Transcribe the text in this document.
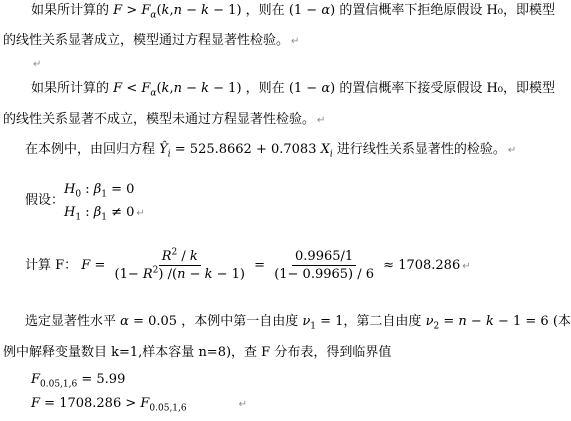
如果所计算的 $F > F_\alpha(k,n - k - 1)$ ，则在 (1 − α) 的置信概率下拒绝原假设 H₀，即模型
的线性关系显著成立，模型通过方程显著性检验。 ↵
↵
如果所计算的 $F < F_\alpha(k,n - k - 1)$ ，则在 (1 − α) 的置信概率下接受原假设 H₀，即模型
的线性关系显著不成立，模型未通过方程显著性检验。 ↵
在本例中，由回归方程 $Ŷ_i = 525.8662 + 0.7083$ $X_i$ 进行线性关系显著性的检验。 ↵
假设：
$H_0$ : $\beta_1 = 0$
$H_1$ : $\beta_1 \ne 0$ ↵
计算 F： $F = \frac{R^2 / k}{(1- R^2) /(n - k - 1)} = \frac{0.9965/1}{(1- 0.9965) / 6} \approx 1708.286$ ↵
选定显著性水平 α = 0.05 ，本例中第一自由度 $\nu_1 = 1$，第二自由度 $\nu_2 = n - k - 1 = 6$ (本
例中解释变量数目 k=1,样本容量 n=8)，查 F 分布表，得到临界值
$F_{0.05,1,6} = 5.99$
$F = 1708.286 > F_{0.05,1,6}$	↵
